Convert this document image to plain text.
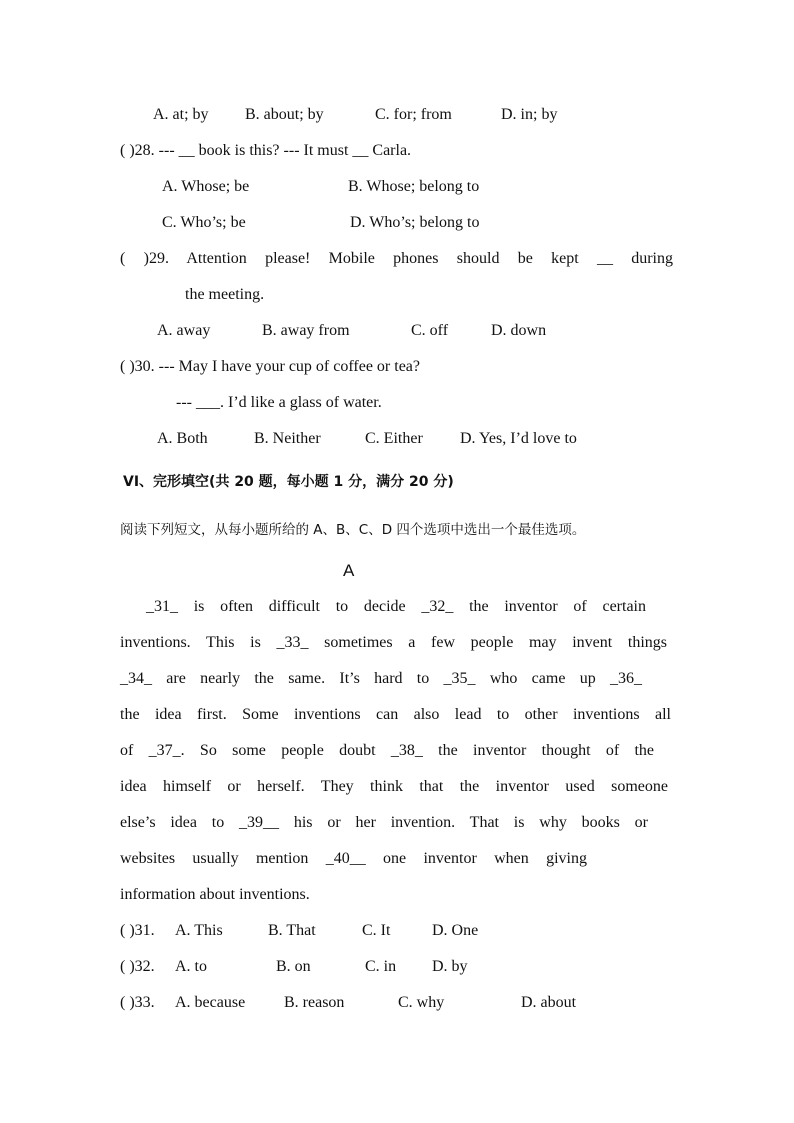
A. at; by B. about; by	C. for; from	D. in; by
( )28. --- __ book is this? --- It must __ Carla.
A. Whose; be	B. Whose; belong to
C. Who’s; be	D. Who’s; belong to
( )29. Attention please! Mobile phones should be kept __ during
the meeting.
A. away	B. away from	C. off	D. down
( )30. --- May I have your cup of coffee or tea?
--- ___. I’d like a glass of water.
A. Both	B. Neither	C. Either D. Yes, I’d love to
VI、完形填空(共 20 题，每小题 1 分，满分 20 分)
阅读下列短文，从每小题所给的 A、B、C、D 四个选项中选出一个最佳选项。
A
_31_ is often difficult to decide _32_ the inventor of certain
inventions. This is _33_ sometimes a few people may invent things
_34_ are nearly the same. It’s hard to _35_ who came up _36_
the idea first. Some inventions can also lead to other inventions all
of _37_. So some people doubt _38_ the inventor thought of the
idea himself or herself. They think that the inventor used someone
else’s idea to _39__ his or her invention. That is why books or
websites usually mention _40__ one inventor when giving
information about inventions.
( )31. A. This	B. That	C. It	D. One
( )32. A. to	B. on	C. in D. by
( )33. A. because B. reason	C. why	D. about
